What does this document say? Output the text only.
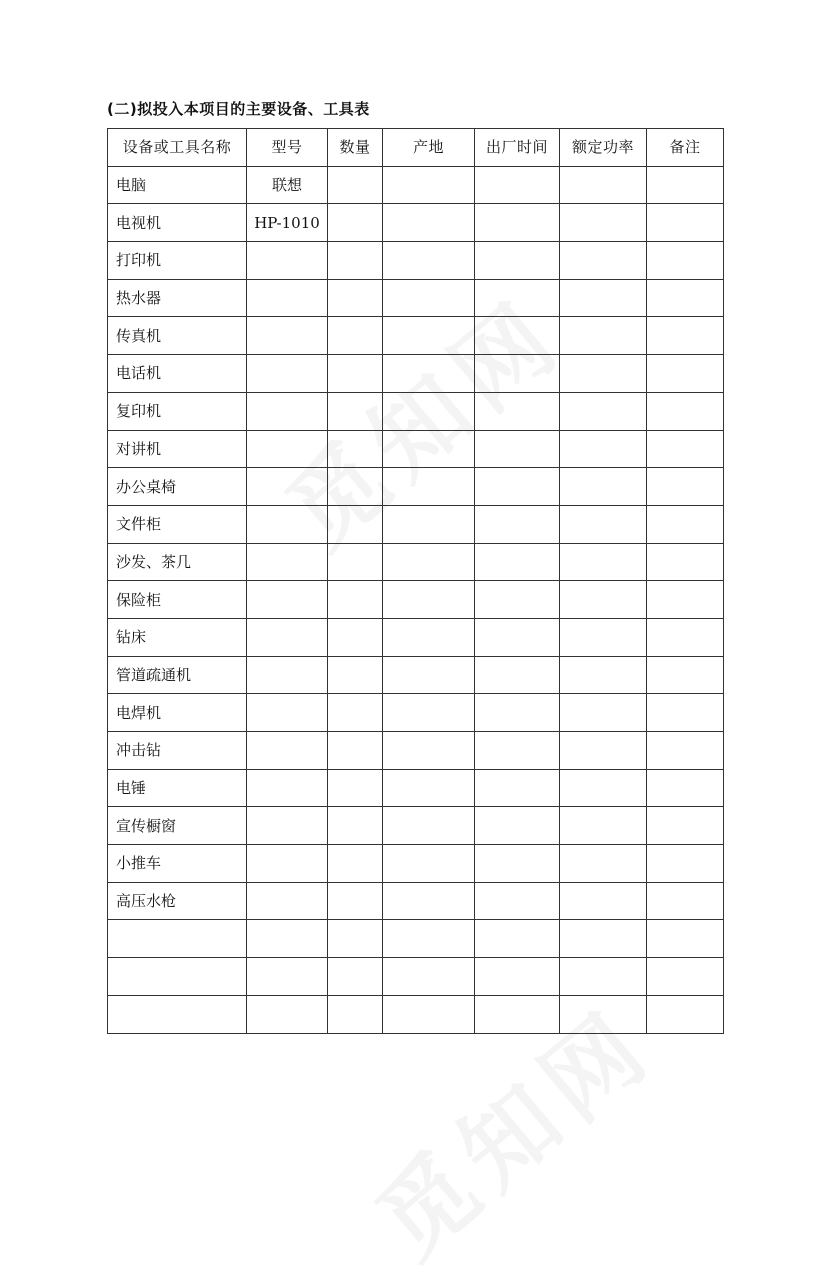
(二)拟投入本项目的主要设备、工具表
设备或工具名称	型号	数量	产地	出厂时间	额定功率	备注
电脑	联想					
电视机	HP-1010					
打印机						
热水器						
传真机						
电话机						
复印机						
对讲机						
办公桌椅						
文件柜						
沙发、茶几						
保险柜						
钻床						
管道疏通机						
电焊机						
冲击钻						
电锤						
宣传橱窗						
小推车						
高压水枪						
